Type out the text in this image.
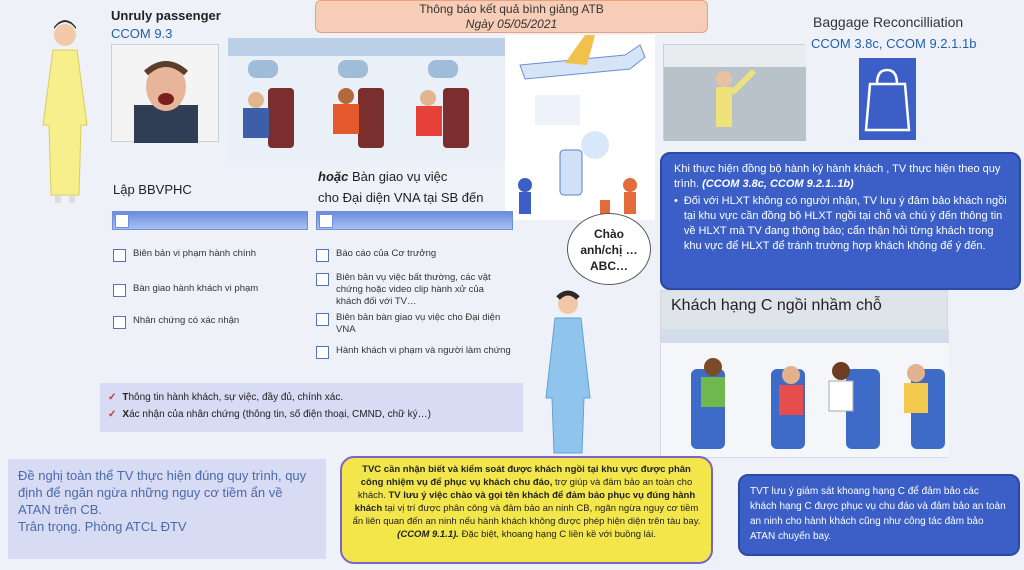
Thông báo kết quả bình giảng ATB
Ngày 05/05/2021
Unruly passenger
CCOM 9.3
Baggage Reconcilliation
CCOM 3.8c, CCOM 9.2.1.1b
Lập BBVPHC
Biên bản vi phạm hành chính
Bàn giao hành khách vi phạm
Nhân chứng có xác nhận
hoặc Bàn giao vụ việc
cho Đại diện VNA tại SB đến
Báo cáo của Cơ trưởng
Biên bản vụ việc bất thường, các vật chứng hoặc video clip hành xử của khách đối với TV…
Biên bản bàn giao vụ việc cho Đại diện VNA
Hành khách vi phạm và người làm chứng
Chào anh/chị …ABC…
Khi thực hiện đồng bộ hành ký hành khách , TV thực hiện theo quy trình. (CCOM 3.8c, CCOM 9.2.1..1b)
• Đối với HLXT không có người nhận, TV lưu ý đảm bảo khách ngồi tại khu vực cần đồng bộ HLXT ngồi tại chỗ và chú ý đến thông tin về HLXT mà TV đang thông báo; cẩn thận hỏi từng khách trong khu vực để HLXT để tránh trường hợp khách không để ý đến.
Khách hạng C ngồi nhầm chỗ
✓ Thông tin hành khách, sự việc, đầy đủ, chính xác.
✓ Xác nhận của nhân chứng (thông tin, số điện thoại, CMND, chữ ký…)
Đề nghị toàn thể TV thực hiện đúng quy trình, quy định để ngăn ngừa những nguy cơ tiềm ẩn về ATAN trên CB.
Trân trọng. Phòng ATCL ĐTV
TVC cần nhận biết và kiểm soát được khách ngồi tại khu vực được phân công nhiệm vụ để phục vụ khách chu đáo, trợ giúp và đảm bảo an toàn cho khách. TV lưu ý việc chào và gọi tên khách để đảm bảo phục vụ đúng hành khách tại vị trí được phân công và đảm bảo an ninh CB, ngăn ngừa nguy cơ tiềm ẩn liên quan đến an ninh nếu hành khách không được phép hiện diện trên tàu bay. (CCOM 9.1.1). Đặc biệt, khoang hạng C liền kề với buồng lái.
TVT lưu ý giám sát khoang hạng C để đảm bảo các khách hạng C được phục vụ chu đáo và đảm bảo an toàn an ninh cho hành khách cũng như công tác đảm bảo ATAN chuyến bay.
